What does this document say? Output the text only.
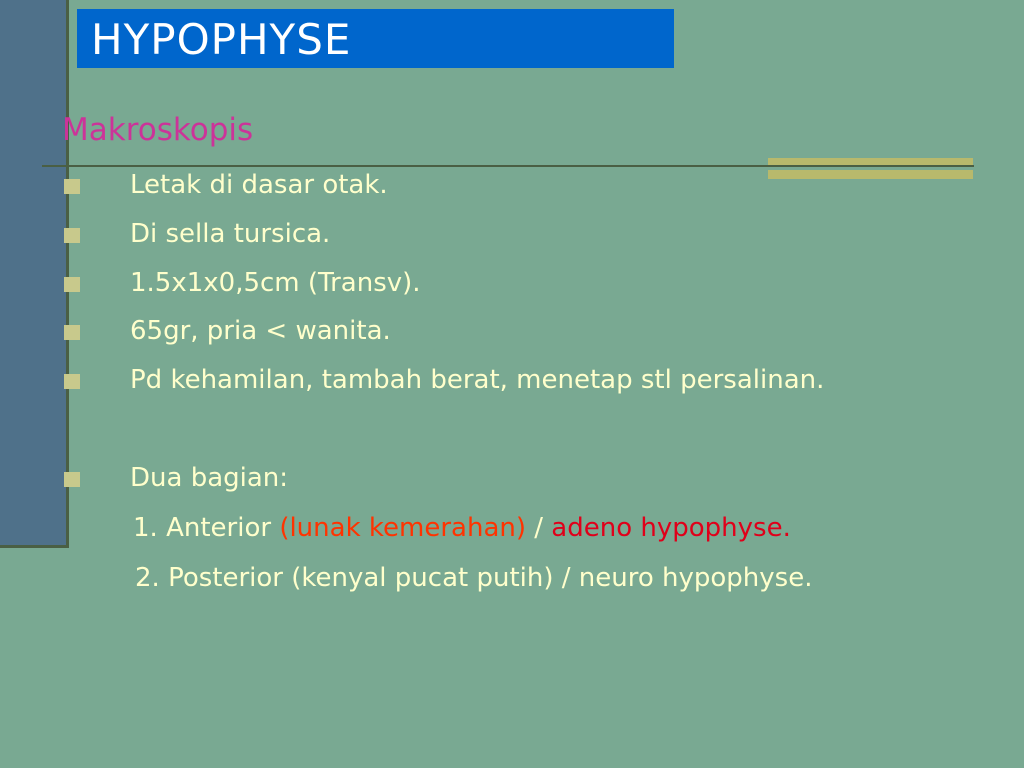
HYPOPHYSE
Makroskopis
Letak di dasar otak.
Di sella tursica.
1.5x1x0,5cm (Transv).
65gr, pria < wanita.
Pd kehamilan, tambah berat, menetap stl persalinan.
Dua bagian:
1. Anterior (lunak kemerahan) / adeno hypophyse.
2. Posterior (kenyal pucat putih) / neuro hypophyse.
